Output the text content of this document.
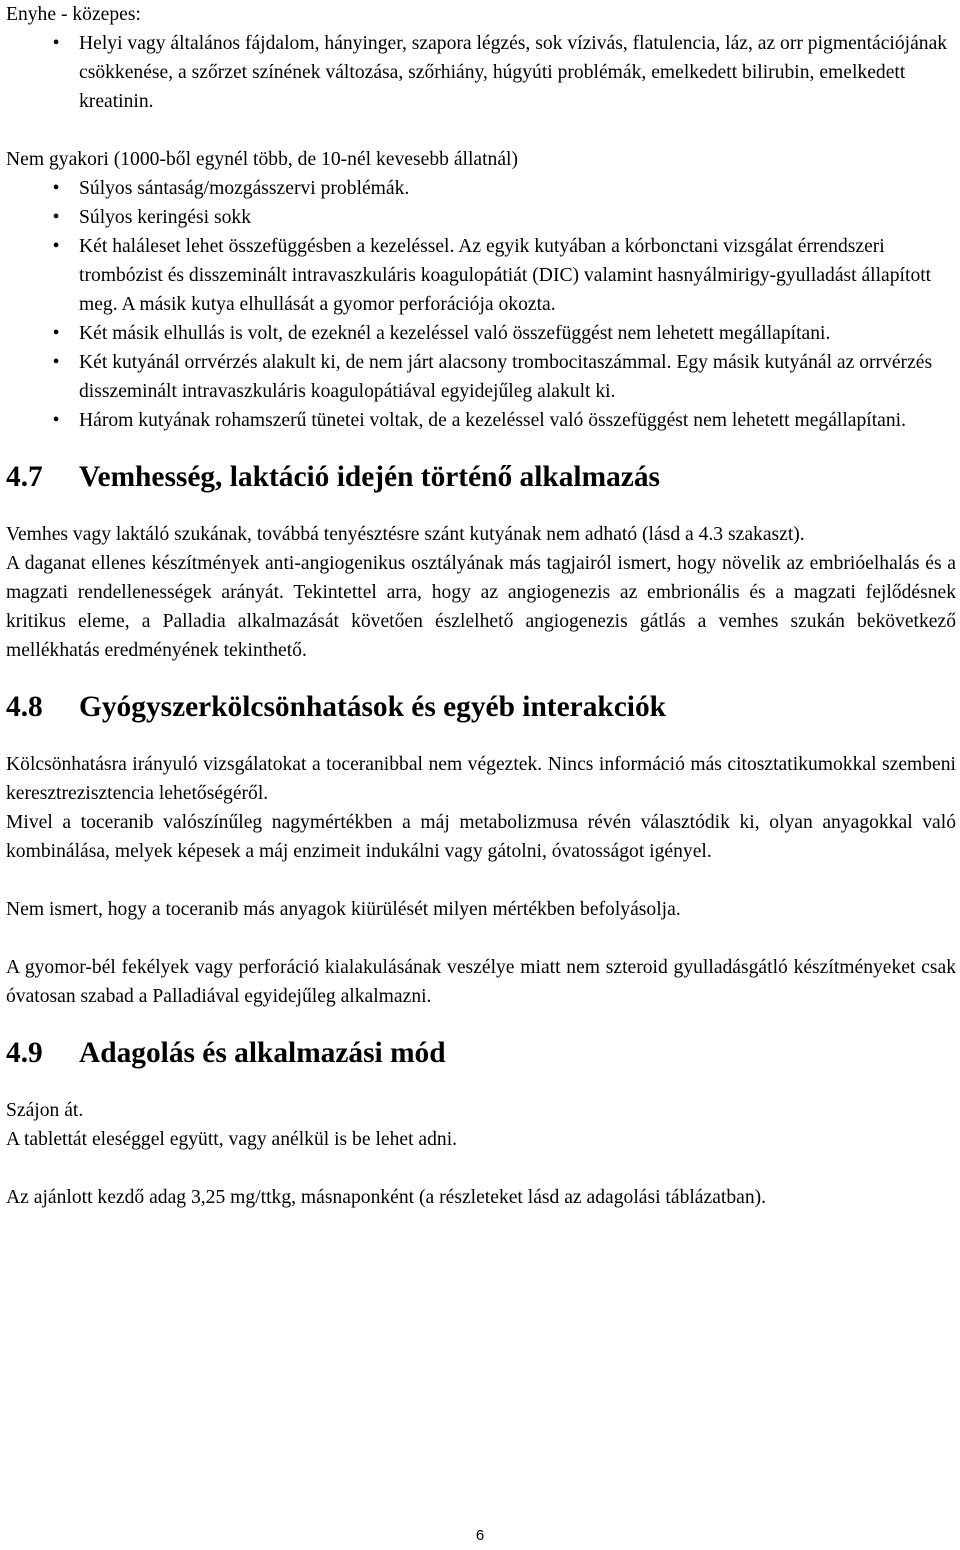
Enyhe - közepes:

• Helyi vagy általános fájdalom, hányinger, szapora légzés, sok vízivás, flatulencia, láz, az orr pigmentációjának csökkenése, a szőrzet színének változása, szőrhiány, húgyúti problémák, emelkedett bilirubin, emelkedett kreatinin.

Nem gyakori (1000-ből egynél több, de 10-nél kevesebb állatnál)

• Súlyos sántaság/mozgásszervi problémák.
• Súlyos keringési sokk
• Két haláleset lehet összefüggésben a kezeléssel. Az egyik kutyában a kórbonctani vizsgálat érrendszeri trombózist és disszeminált intravaszkuláris koagulopátiát (DIC) valamint hasnyálmirigy-gyulladást állapított meg. A másik kutya elhullását a gyomor perforációja okozta.
• Két másik elhullás is volt, de ezeknél a kezeléssel való összefüggést nem lehetett megállapítani.
• Két kutyánál orrvérzés alakult ki, de nem járt alacsony trombocitaszámmal. Egy másik kutyánál az orrvérzés disszeminált intravaszkuláris koagulopátiával egyidejűleg alakult ki.
• Három kutyának rohamszerű tünetei voltak, de a kezeléssel való összefüggést nem lehetett megállapítani.
4.7	Vemhesség, laktáció idején történő alkalmazás

Vemhes vagy laktáló szukának, továbbá tenyésztésre szánt kutyának nem adható (lásd a 4.3 szakaszt).

A daganat ellenes készítmények anti-angiogenikus osztályának más tagjairól ismert, hogy növelik az embrióelhalás és a magzati rendellenességek arányát. Tekintettel arra, hogy az angiogenezis az embrionális és a magzati fejlődésnek kritikus eleme, a Palladia alkalmazását követően észlelhető angiogenezis gátlás a vemhes szukán bekövetkező mellékhatás eredményének tekinthető.

4.8	Gyógyszerkölcsönhatások és egyéb interakciók

Kölcsönhatásra irányuló vizsgálatokat a toceranibbal nem végeztek. Nincs információ más citosztatikumokkal szembeni keresztrezisztencia lehetőségéről.

Mivel a toceranib valószínűleg nagymértékben a máj metabolizmusa révén választódik ki, olyan anyagokkal való kombinálása, melyek képesek a máj enzimeit indukálni vagy gátolni, óvatosságot igényel.

Nem ismert, hogy a toceranib más anyagok kiürülését milyen mértékben befolyásolja.

A gyomor-bél fekélyek vagy perforáció kialakulásának veszélye miatt nem szteroid gyulladásgátló készítményeket csak óvatosan szabad a Palladiával egyidejűleg alkalmazni.

4.9	Adagolás és alkalmazási mód

Szájon át.

A tablettát eleséggel együtt, vagy anélkül is be lehet adni.

Az ajánlott kezdő adag 3,25 mg/ttkg, másnaponként (a részleteket lásd az adagolási táblázatban).

6
